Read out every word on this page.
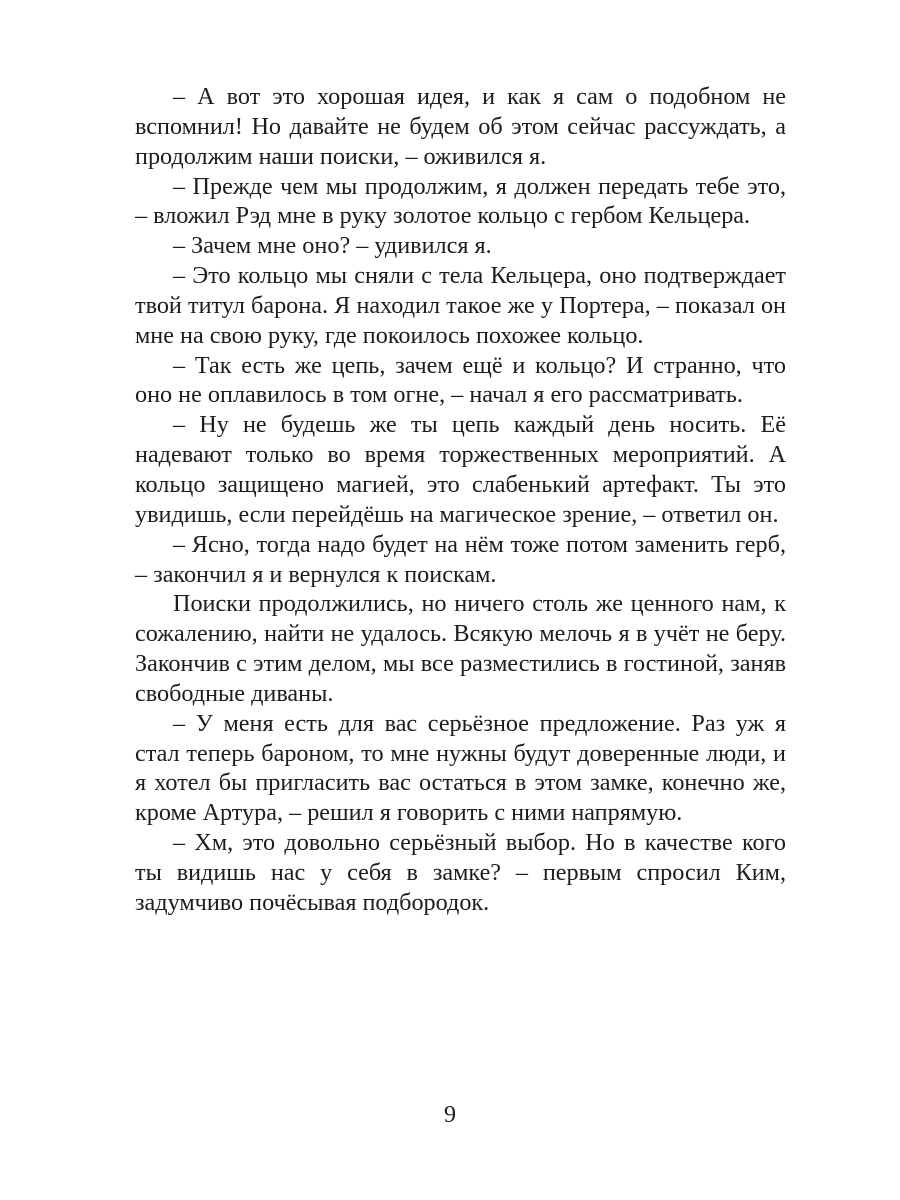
– А вот это хорошая идея, и как я сам о подобном не вспомнил! Но давайте не будем об этом сейчас рассуждать, а продолжим наши поиски, – оживился я.

– Прежде чем мы продолжим, я должен передать тебе это, – вложил Рэд мне в руку золотое кольцо с гербом Кельцера.

– Зачем мне оно? – удивился я.

– Это кольцо мы сняли с тела Кельцера, оно подтверждает твой титул барона. Я находил такое же у Портера, – показал он мне на свою руку, где покоилось похожее кольцо.

– Так есть же цепь, зачем ещё и кольцо? И странно, что оно не оплавилось в том огне, – начал я его рассматривать.

– Ну не будешь же ты цепь каждый день носить. Её надевают только во время торжественных мероприятий. А кольцо защищено магией, это слабенький артефакт. Ты это увидишь, если перейдёшь на магическое зрение, – ответил он.

– Ясно, тогда надо будет на нём тоже потом заменить герб, – закончил я и вернулся к поискам.

Поиски продолжились, но ничего столь же ценного нам, к сожалению, найти не удалось. Всякую мелочь я в учёт не беру. Закончив с этим делом, мы все разместились в гостиной, заняв свободные диваны.

– У меня есть для вас серьёзное предложение. Раз уж я стал теперь бароном, то мне нужны будут доверенные люди, и я хотел бы пригласить вас остаться в этом замке, конечно же, кроме Артура, – решил я говорить с ними напрямую.

– Хм, это довольно серьёзный выбор. Но в качестве кого ты видишь нас у себя в замке? – первым спросил Ким, задумчиво почёсывая подбородок.

9
